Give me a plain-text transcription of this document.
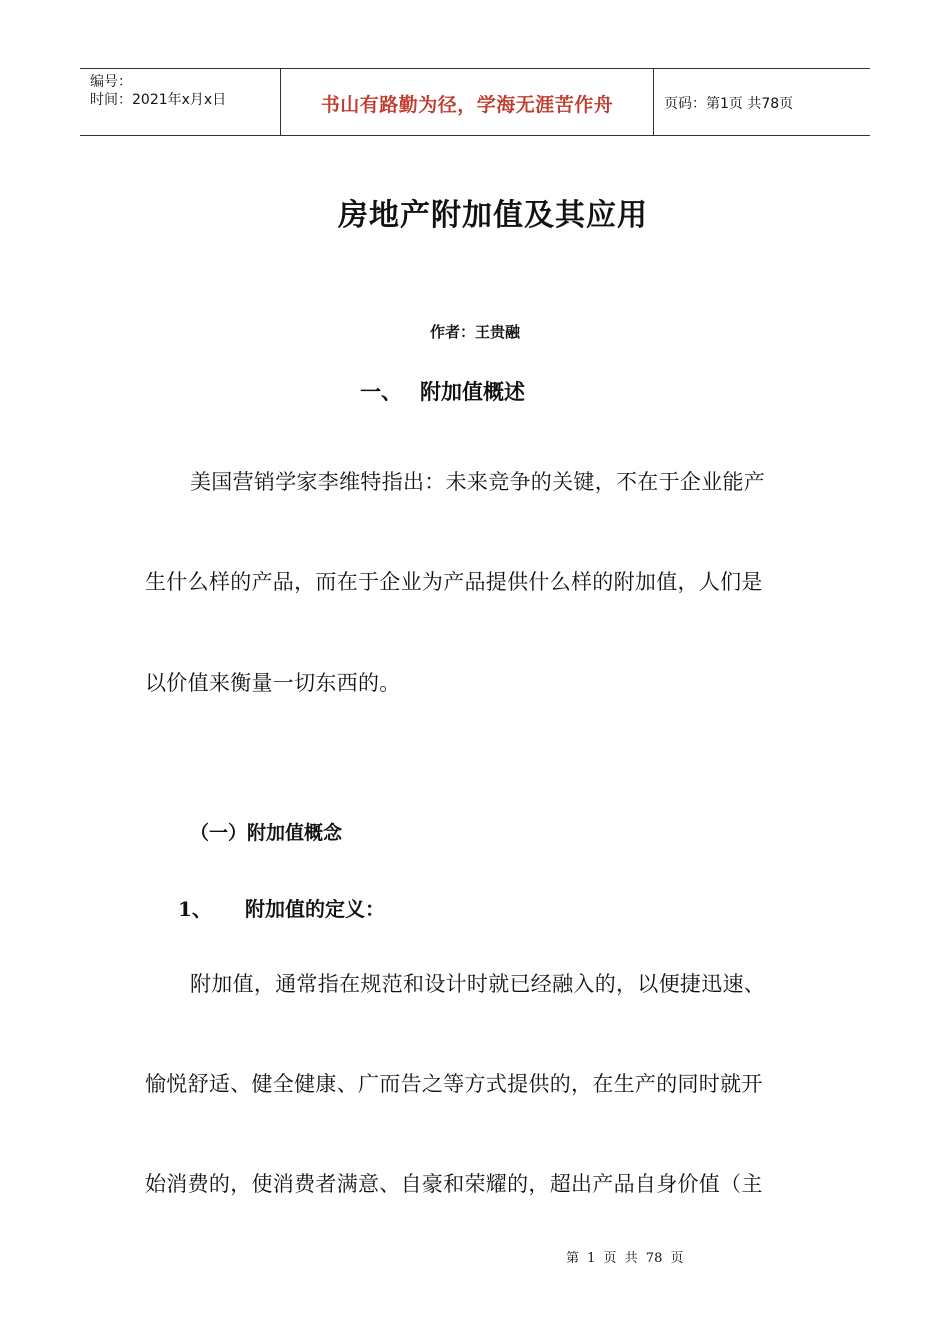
编号：
时间：2021年x月x日	书山有路勤为径，学海无涯苦作舟	页码：第1页 共78页
房地产附加值及其应用
作者：王贵融
一、 附加值概述
美国营销学家李维特指出：未来竞争的关键，不在于企业能产
生什么样的产品，而在于企业为产品提供什么样的附加值，人们是
以价值来衡量一切东西的。
（一）附加值概念
1、	附加值的定义：
附加值，通常指在规范和设计时就已经融入的，以便捷迅速、
愉悦舒适、健全健康、广而告之等方式提供的，在生产的同时就开
始消费的，使消费者满意、自豪和荣耀的，超出产品自身价值（主
第 1 页 共 78 页
